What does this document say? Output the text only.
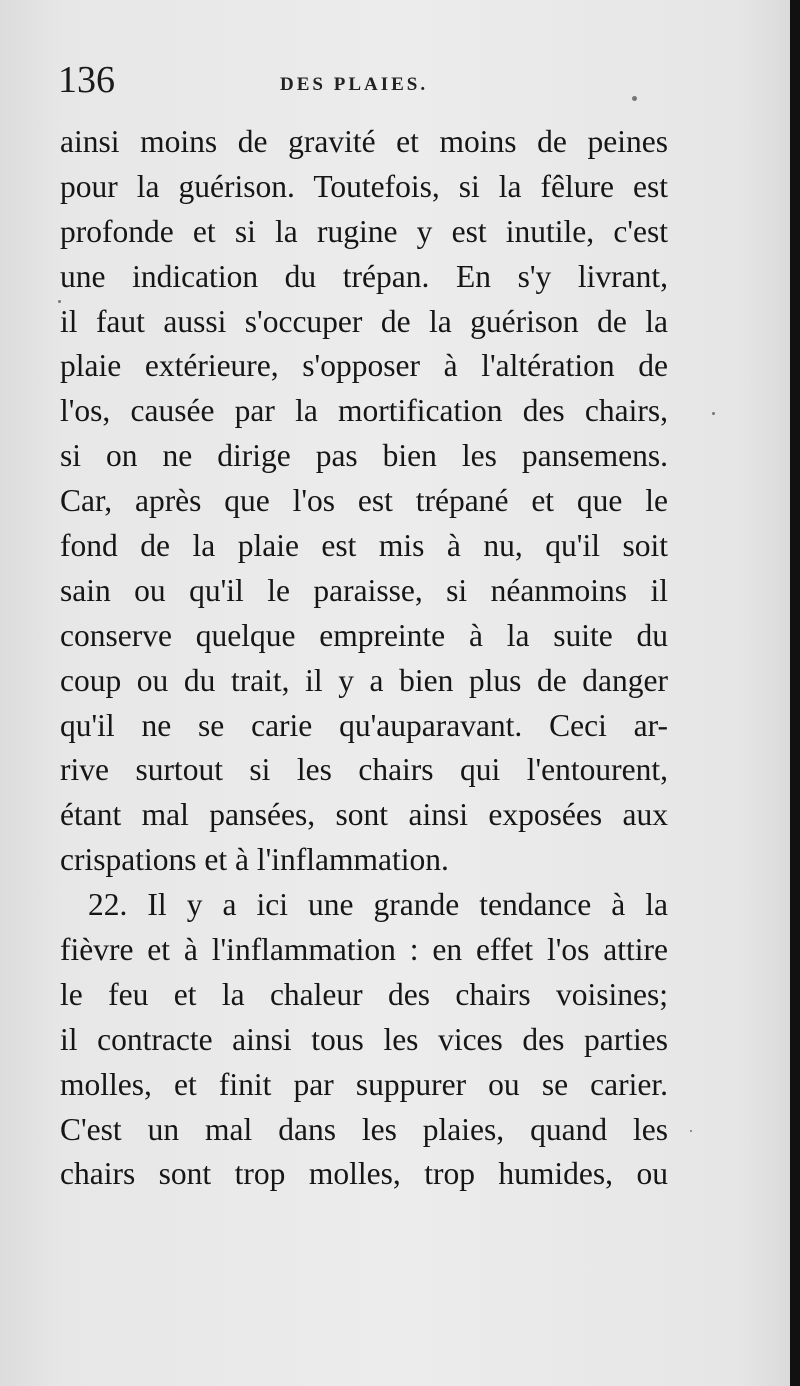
136	DES PLAIES.
ainsi moins de gravité et moins de peines
pour la guérison. Toutefois, si la fêlure est
profonde et si la rugine y est inutile, c'est
une indication du trépan. En s'y livrant,
il faut aussi s'occuper de la guérison de la
plaie extérieure, s'opposer à l'altération de
l'os, causée par la mortification des chairs,
si on ne dirige pas bien les pansemens.
Car, après que l'os est trépané et que le
fond de la plaie est mis à nu, qu'il soit
sain ou qu'il le paraisse, si néanmoins il
conserve quelque empreinte à la suite du
coup ou du trait, il y a bien plus de danger
qu'il ne se carie qu'auparavant. Ceci ar-
rive surtout si les chairs qui l'entourent,
étant mal pansées, sont ainsi exposées aux
crispations et à l'inflammation.
22. Il y a ici une grande tendance à la
fièvre et à l'inflammation : en effet l'os attire
le feu et la chaleur des chairs voisines;
il contracte ainsi tous les vices des parties
molles, et finit par suppurer ou se carier.
C'est un mal dans les plaies, quand les
chairs sont trop molles, trop humides, ou
